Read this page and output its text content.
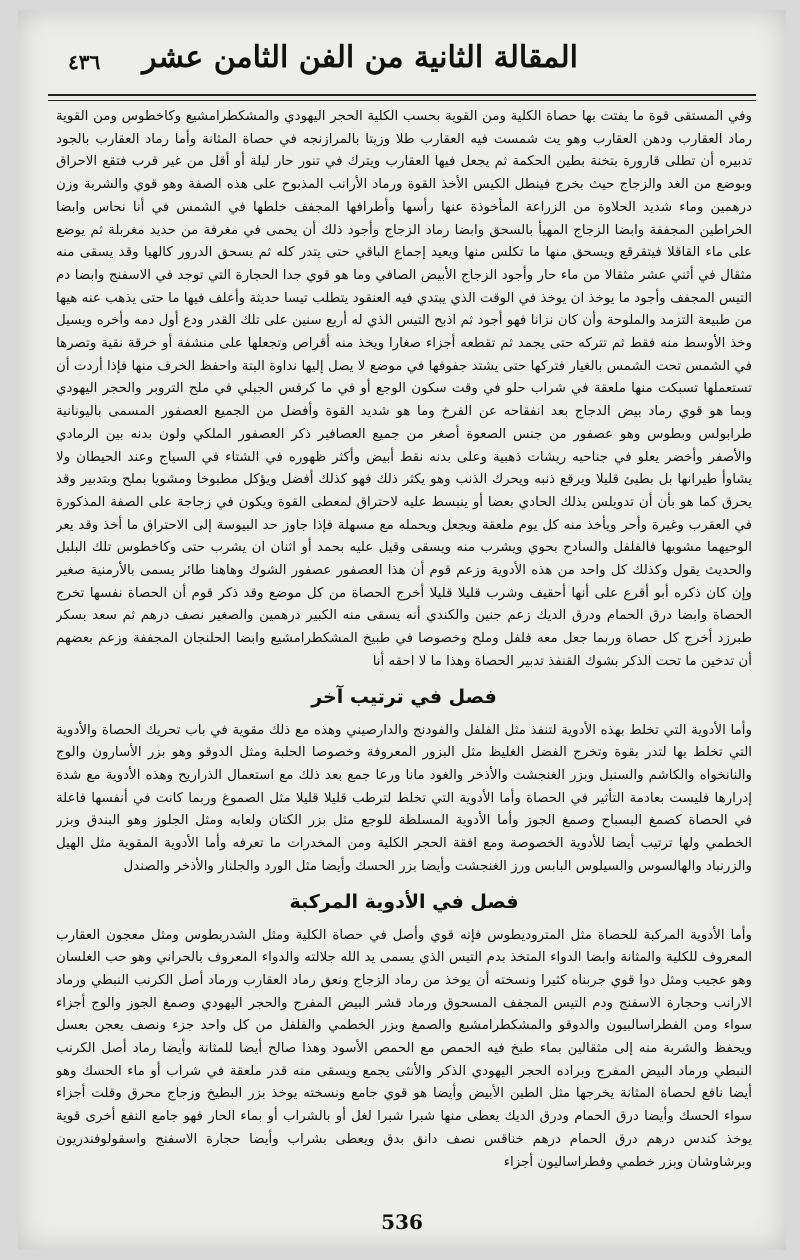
المقالة الثانية من الفن الثامن عشر
٤٣٦

وفي المستقى قوة ما يفتت بها حصاة الكلية ومن القوية بحسب الكلية الحجر اليهودي والمشكطرامشيع وكاخطوس ومن القوية رماد العقارب ودهن العقارب وهو يت شمست فيه العقارب طلا وزيتا بالمرازنجه في حصاة المثانة وأما رماد العقارب بالجود تدبيره أن تطلى قارورة بتخنة بطين الحكمة ثم يجعل فيها العقارب ويترك في تنور حار ليلة أو أقل من غير قرب فتقع الاحراق وبوضع من الغد والزجاج حيث بخرج فينطل الكيس الأخذ القوة ورماد الأرانب المذبوح على هذه الصفة وهو قوي والشربة وزن درهمين وماء شديد الحلاوة من الزراعة المأخوذة عنها رأسها وأطرافها المجفف خلطها في الشمس في أنا نحاس وابضا الخراطين المجففة وابضا الزجاج المهيأ بالسحق وابضا رماد الزجاج وأجود ذلك أن يحمى في مغرفة من حديد مغربلة ثم يوضع على ماء القاقلا فيتقرقع ويسحق منها ما تكلس منها ويعيد إجماع الباقي حتى يتدر كله ثم يسحق الدرور كالهيا وقد يسقى منه مثقال في أثني عشر مثقالا من ماء حار وأجود الزجاج الأبيض الصافي وما هو قوي جدا الحجارة التي توجد في الاسفنج وابضا دم التيس المجفف وأجود ما يوخذ ان يوخذ في الوقت الذي يبتدي فيه العنقود يتطلب تيسا حديثة وأعلف فيها ما حتى يذهب عنه هيها من طبيعة التزمد والملوحة وأن كان نزانا فهو أجود ثم اذبح التيس الذي له أربع سنين على تلك القدر ودع أول دمه وأخره ويسيل وخذ الأوسط منه فقط ثم تتركه حتى يجمد ثم تقطعه أجزاء صغارا ويخذ منه أقراص وتجعلها على منشفة أو خرقة نقية وتصرها في الشمس تحت الشمس بالغيار فتركها حتى يشتد جفوفها في موضع لا يصل إليها نداوة البتة واحفظ الخرف منها فإذا أردت أن تستعملها تسبكت منها ملعقة في شراب حلو في وقت سكون الوجع أو في ما كرفس الجبلي في ملح التروبر والحجر اليهودي وبما هو قوي رماد بيض الدجاج بعد انفقاحه عن الفرخ وما هو شديد القوة وأفضل من الجميع العصفور المسمى باليونانية طرابولس وبطوس وهو عصفور من جنس الصعوة أصغر من جميع العصافير ذكر العصفور الملكي ولون بدنه بين الرمادي والأصفر وأخضر يعلو في جناحيه ريشات ذهبية وعلى بدنه نقط أبيض وأكثر ظهوره في الشتاء في السياج وعند الحيطان ولا يشاوأ طيرانها بل بطيئ قليلا ويرقع ذنبه ويحرك الذنب وهو يكثر ذلك فهو كذلك أفضل ويؤكل مطبوخا ومشويا بملح وبتدبير وقد يحرق كما هو بأن أن تدويلس بذلك الحادي بعضا أو ينبسط عليه لاحتراق لمعطى القوة ويكون في زجاجة على الصفة المذكورة في العقرب وغيرة وأحر ويأخذ منه كل يوم ملعقة ويجعل ويحمله مع مسهلة فإذا جاوز حد البيوسة إلى الاحتراق ما أخذ وقد يعر الوحيهما مشويها فالفلفل والسادح بحوي ويشرب منه ويسقى وقيل عليه بحمد أو اثنان ان يشرب حتى وكاخطوس تلك البلبل والحديث يقول وكذلك كل واحد من هذه الأدوية وزعم قوم أن هذا العصفور عصفور الشوك وهاهنا طائر يسمى بالأرمنية صغير وإن كان ذكره أبو أقرع على أنها أحقيف وشرب قليلا قليلا أخرج الحصاة من كل موضع وقد ذكر قوم أن الحصاة نفسها تخرج الحصاة وابضا درق الحمام ودرق الديك زعم جنين والكندي أنه يسقى منه الكبير درهمين والصغير نصف درهم ثم سعد بسكر طبرزد أخرج كل حصاة وربما جعل معه فلفل وملح وخصوصا في طبيخ المشكطرامشيع وابضا الحلنجان المجففة وزعم بعضهم أن تدخين ما تحت الذكر بشوك القنفذ تدبير الحصاة وهذا ما لا احقه أنا

فصل في ترتيب آخر

وأما الأدوية التي تخلط بهذه الأدوية لتنفذ مثل الفلفل والفودنج والدارصيني وهذه مع ذلك مقوية في باب تحريك الحصاة والأدوية التي تخلط بها لتدر بقوة وتخرج الفضل الغليظ مثل البزور المعروفة وخصوصا الحلبة ومثل الدوقو وهو بزر الأسارون والوج والنانخواه والكاشم والسنبل وبزر الغنجشت والأذخر والغود مانا ورعا جمع بعد ذلك مع استعمال الذراريح وهذه الأدوية مع شدة إدرارها فليست بعادمة التأثير في الحصاة وأما الأدوية التي تخلط لترطب قليلا قليلا مثل الصموغ وربما كانت في أنفسها فاعلة في الحصاة كصمغ البسباح وصمغ الجوز وأما الأدوية المسلطة للوجع مثل بزر الكتان ولعابه ومثل الجلوز وهو البندق وبزر الخطمي ولها ترتيب أيضا للأدوية الخصوصة ومع افقة الحجر الكلية ومن المخدرات ما تعرفه وأما الأدوية المقوية مثل الهيل والزرنباد والهالسوس والسيلوس البابس ورز الغنجشت وأيضا بزر الحسك وأيضا مثل الورد والجلنار والأذخر والصندل

فصل في الأدوية المركبة

وأما الأدوية المركبة للحصاة مثل المتروديطوس فإنه قوي وأصل في حصاة الكلية ومثل الشدربطوس ومثل معجون العقارب المعروف للكلية والمثانة وابضا الدواء المتخذ بدم التيس الذي يسمى يد الله جلالته والدواء المعروف بالحراني وهو حب الغلسان وهو عجيب ومثل دوا قوي جربناه كثيرا ونسخته أن يوخذ من رماد الزجاج ونعق رماد العقارب ورماد أصل الكرنب النبطي ورماد الارانب وحجارة الاسفنج ودم التيس المجفف المسحوق ورماد قشر البيض المفرج والحجر اليهودي وصمغ الجوز والوج أجزاء سواء ومن الفطراسالبيون والدوقو والمشكطرامشيع والصمغ وبزر الخطمي والفلفل من كل واحد جزء ونصف يعجن بعسل ويحفظ والشربة منه إلى مثقالين بماء طبخ فيه الحمص مع الحمص الأسود وهذا صالح أيضا للمثانة وأيضا رماد أصل الكرنب النبطي ورماد البيض المفرج وبراده الحجر اليهودي الذكر والأنثى يجمع ويسقى منه قدر ملعقة في شراب أو ماء الحسك وهو أيضا نافع لحصاة المثانة يخرجها مثل الطين الأبيض وأيضا هو قوي جامع ونسخته يوخذ بزر البطيخ وزجاج محرق وقلت أجزاء سواء الحسك وأيضا درق الحمام ودرق الديك يعطى منها شبرا شبرا لغل أو بالشراب أو بماء الحار فهو جامع النفع أخرى قوية يوخذ كندس درهم درق الحمام درهم خناقس نصف دانق بدق ويعطى بشراب وأيضا حجارة الاسفنج واسقولوفندريون وبرشاوشان وبزر خطمي وفطراساليون أجزاء

536
